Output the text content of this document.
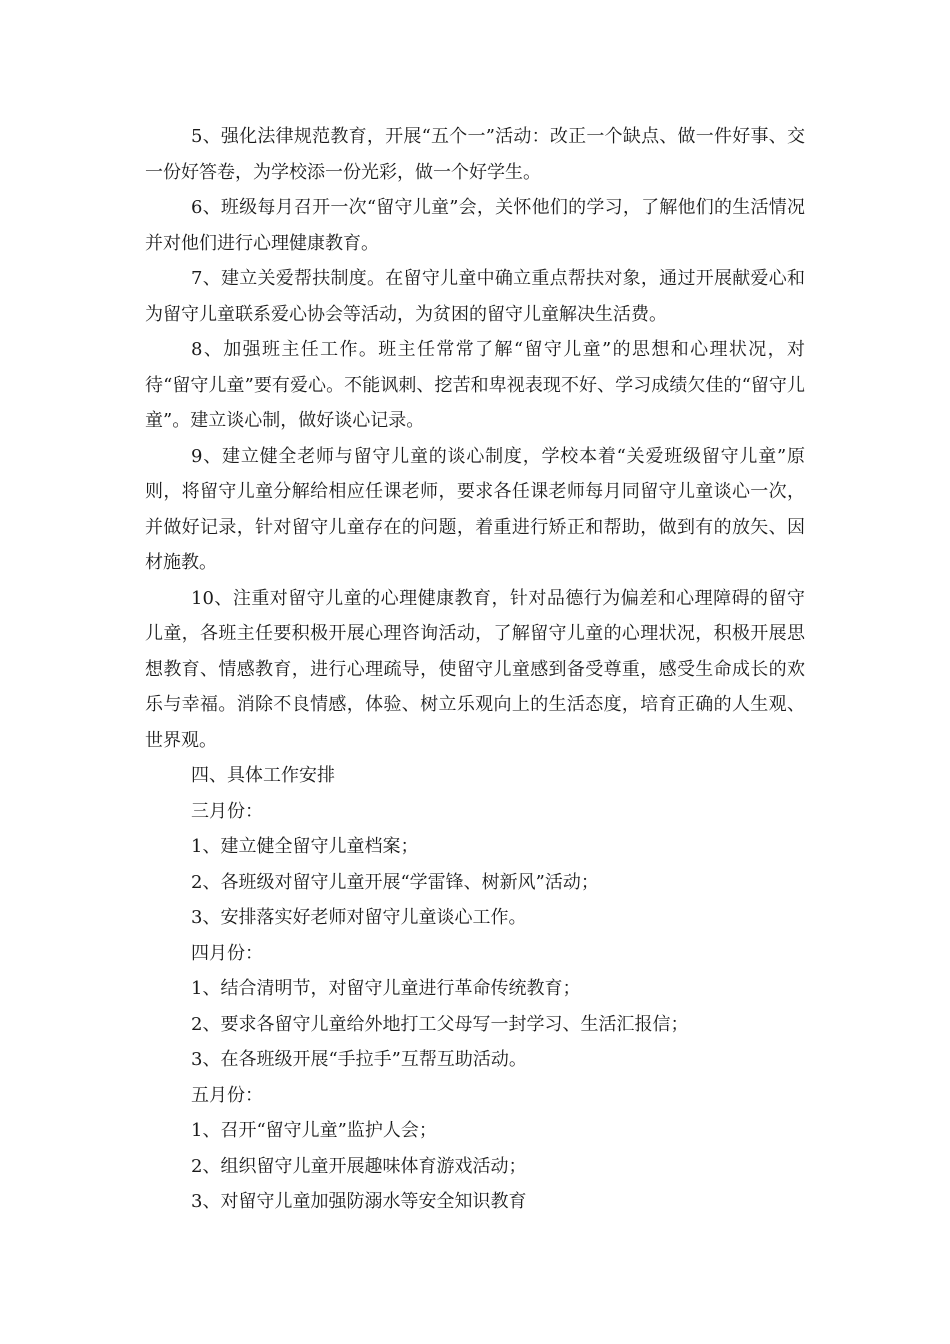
5、强化法律规范教育，开展“五个一”活动：改正一个缺点、做一件好事、交一份好答卷，为学校添一份光彩，做一个好学生。

6、班级每月召开一次“留守儿童”会，关怀他们的学习，了解他们的生活情况并对他们进行心理健康教育。

7、建立关爱帮扶制度。在留守儿童中确立重点帮扶对象，通过开展献爱心和为留守儿童联系爱心协会等活动，为贫困的留守儿童解决生活费。

8、加强班主任工作。班主任常常了解“留守儿童”的思想和心理状况，对待“留守儿童”要有爱心。不能讽刺、挖苦和卑视表现不好、学习成绩欠佳的“留守儿童”。建立谈心制，做好谈心记录。

9、建立健全老师与留守儿童的谈心制度，学校本着“关爱班级留守儿童”原则，将留守儿童分解给相应任课老师，要求各任课老师每月同留守儿童谈心一次，并做好记录，针对留守儿童存在的问题，着重进行矫正和帮助，做到有的放矢、因材施教。

10、注重对留守儿童的心理健康教育，针对品德行为偏差和心理障碍的留守儿童，各班主任要积极开展心理咨询活动，了解留守儿童的心理状况，积极开展思想教育、情感教育，进行心理疏导，使留守儿童感到备受尊重，感受生命成长的欢乐与幸福。消除不良情感，体验、树立乐观向上的生活态度，培育正确的人生观、世界观。

四、具体工作安排

三月份：

1、建立健全留守儿童档案；

2、各班级对留守儿童开展“学雷锋、树新风”活动；

3、安排落实好老师对留守儿童谈心工作。

四月份：

1、结合清明节，对留守儿童进行革命传统教育；

2、要求各留守儿童给外地打工父母写一封学习、生活汇报信；

3、在各班级开展“手拉手”互帮互助活动。

五月份：

1、召开“留守儿童”监护人会；

2、组织留守儿童开展趣味体育游戏活动；

3、对留守儿童加强防溺水等安全知识教育
